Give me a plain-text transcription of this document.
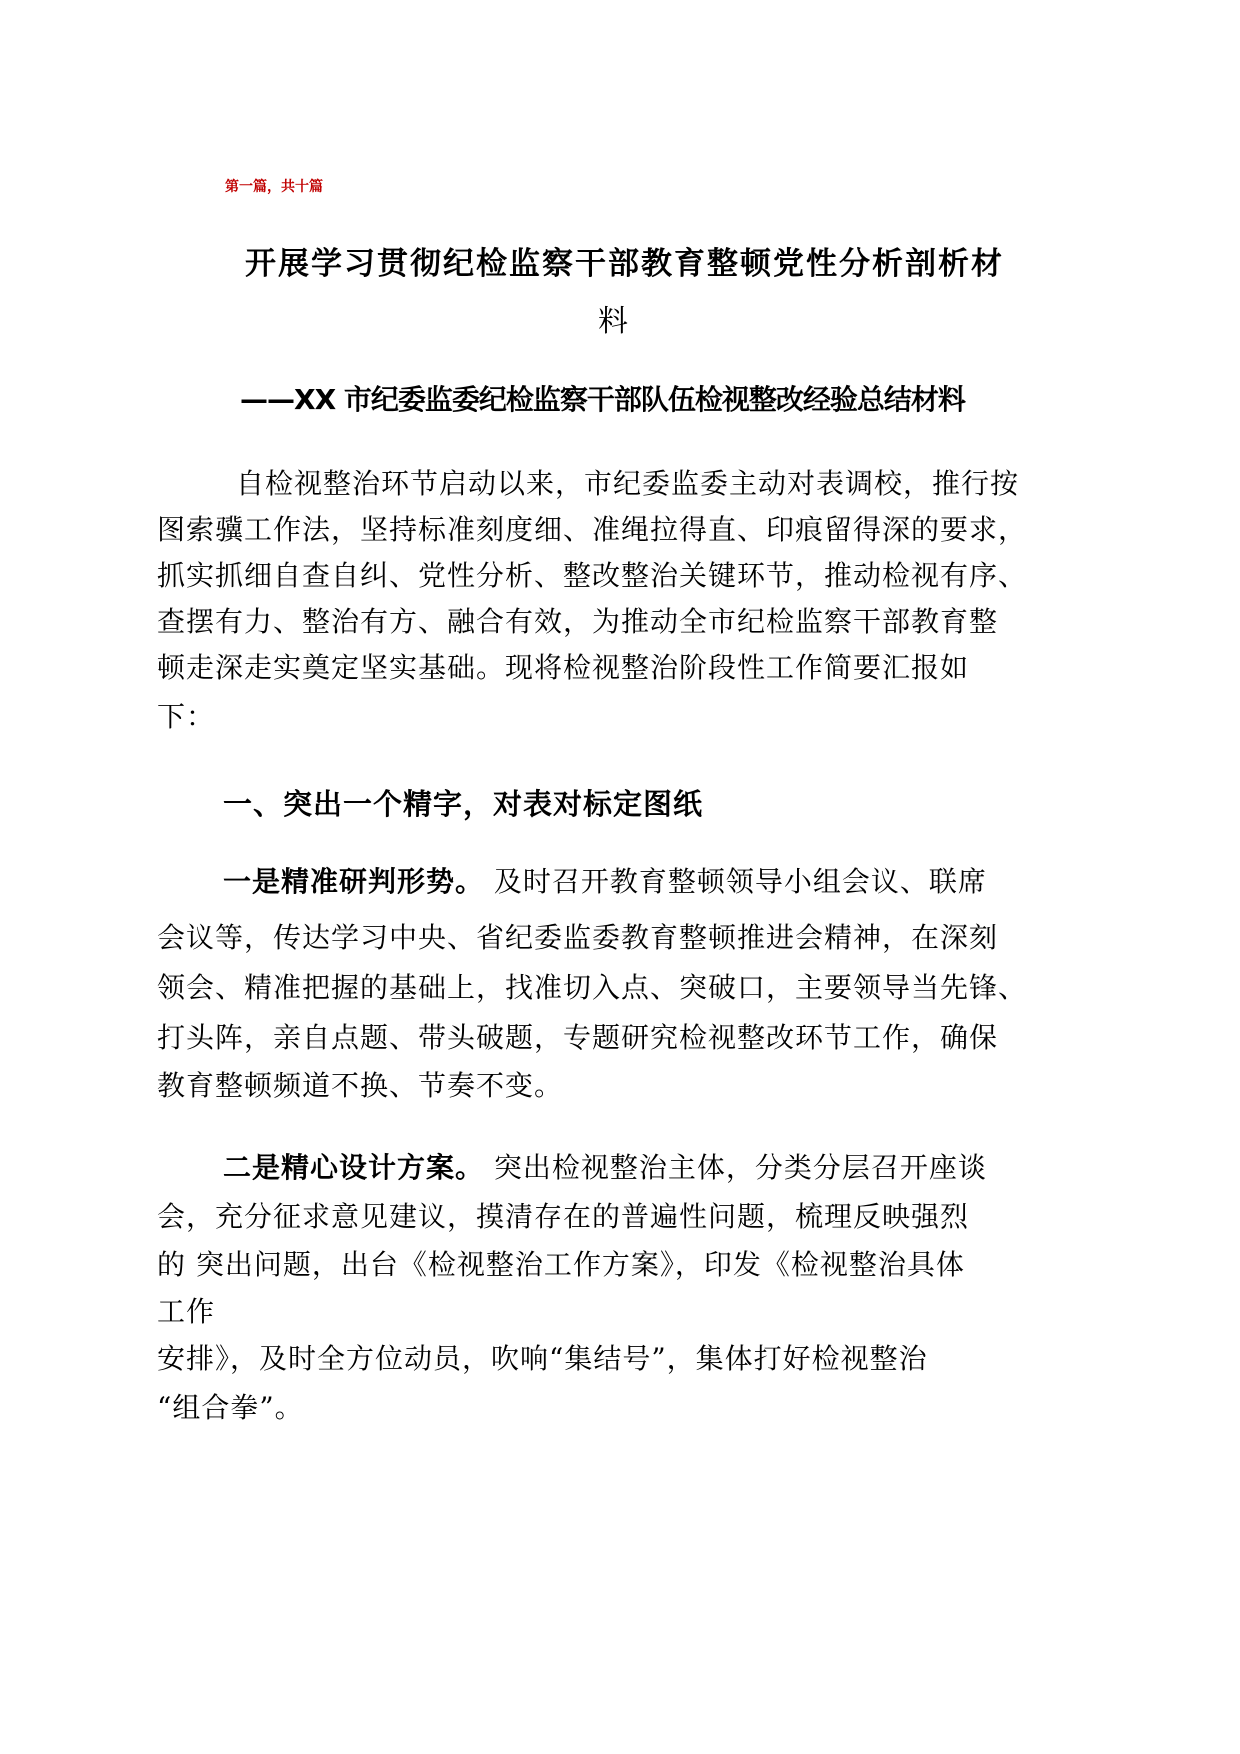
第一篇，共十篇
开展学习贯彻纪检监察干部教育整顿党性分析剖析材
料
——XX 市纪委监委纪检监察干部队伍检视整改经验总结材料
自检视整治环节启动以来，市纪委监委主动对表调校，推行按
图索骥工作法，坚持标准刻度细、准绳拉得直、印痕留得深的要求，
抓实抓细自查自纠、党性分析、整改整治关键环节，推动检视有序、
查摆有力、整治有方、融合有效，为推动全市纪检监察干部教育整
顿走深走实奠定坚实基础。现将检视整治阶段性工作简要汇报如
下：
一、突出一个精字，对表对标定图纸
一是精准研判形势。 及时召开教育整顿领导小组会议、联席
会议等，传达学习中央、省纪委监委教育整顿推进会精神，在深刻
领会、精准把握的基础上，找准切入点、突破口，主要领导当先锋、
打头阵，亲自点题、带头破题，专题研究检视整改环节工作，确保
教育整顿频道不换、节奏不变。
二是精心设计方案。 突出检视整治主体，分类分层召开座谈
会，充分征求意见建议，摸清存在的普遍性问题，梳理反映强烈
的 突出问题，出台《检视整治工作方案》，印发《检视整治具体
工作
安排》，及时全方位动员，吹响“集结号”，集体打好检视整治
“组合拳”。
